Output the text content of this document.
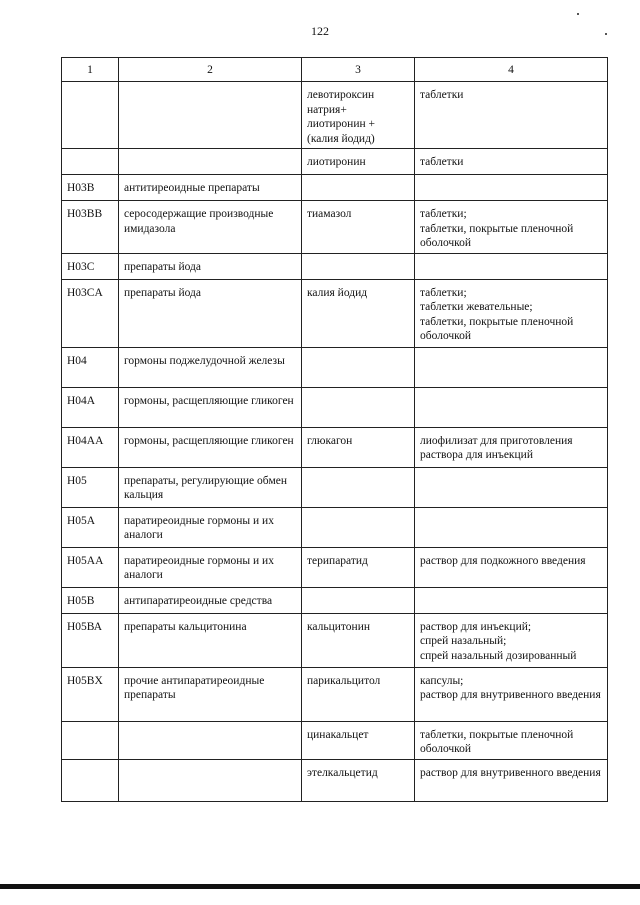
122
1	2	3	4
		левотироксин
натрия+
лиотиронин +
(калия йодид)	таблетки
		лиотиронин	таблетки
H03B	антитиреоидные препараты		
H03BB	серосодержащие производные имидазола	тиамазол	таблетки;
таблетки, покрытые пленочной оболочкой
H03C	препараты йода		
H03CA	препараты йода	калия йодид	таблетки;
таблетки жевательные;
таблетки, покрытые пленочной оболочкой
H04	гормоны поджелудочной железы		
H04A	гормоны, расщепляющие гликоген		
H04AA	гормоны, расщепляющие гликоген	глюкагон	лиофилизат для приготовления раствора для инъекций
H05	препараты, регулирующие обмен кальция		
H05A	паратиреоидные гормоны и их аналоги		
H05AA	паратиреоидные гормоны и их аналоги	терипаратид	раствор для подкожного введения
H05B	антипаратиреоидные средства		
Н05ВА	препараты кальцитонина	кальцитонин	раствор для инъекций;
спрей назальный;
спрей назальный дозированный
H05BX	прочие антипаратиреоидные препараты	парикальцитол	капсулы;
раствор для внутривенного введения
		цинакальцет	таблетки, покрытые пленочной оболочкой
		этелкальцетид	раствор для внутривенного введения
